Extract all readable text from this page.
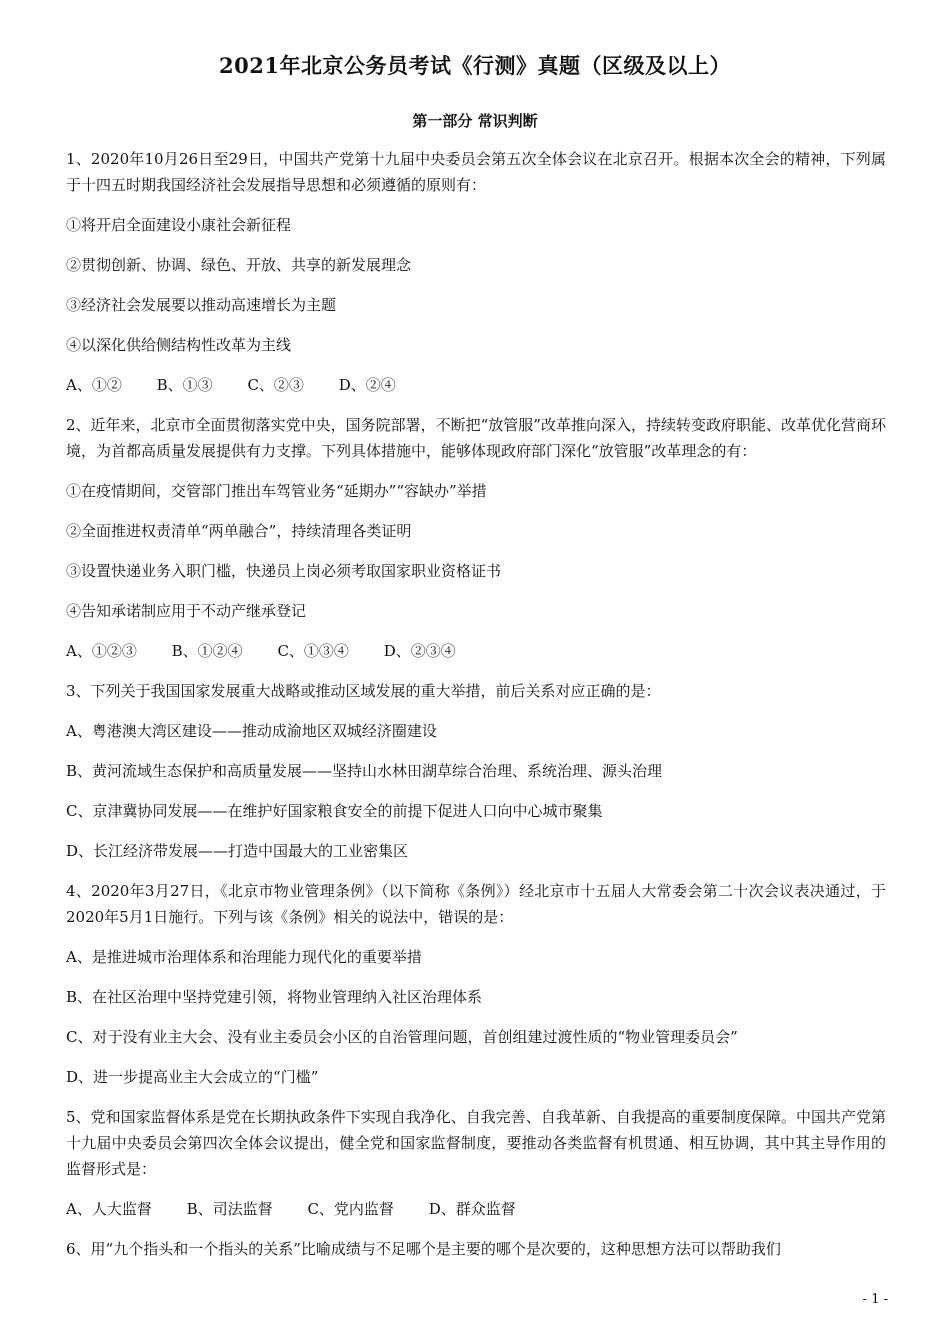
2021年北京公务员考试《行测》真题（区级及以上）
第一部分 常识判断
1、2020年10月26日至29日，中国共产党第十九届中央委员会第五次全体会议在北京召开。根据本次全会的精神，下列属于十四五时期我国经济社会发展指导思想和必须遵循的原则有：
①将开启全面建设小康社会新征程
②贯彻创新、协调、绿色、开放、共享的新发展理念
③经济社会发展要以推动高速增长为主题
④以深化供给侧结构性改革为主线
A、①② B、①③ C、②③ D、②④
2、近年来，北京市全面贯彻落实党中央，国务院部署，不断把“放管服”改革推向深入，持续转变政府职能、改革优化营商环境，为首都高质量发展提供有力支撑。下列具体措施中，能够体现政府部门深化“放管服”改革理念的有：
①在疫情期间，交管部门推出车驾管业务“延期办”“容缺办”举措
②全面推进权责清单“两单融合”，持续清理各类证明
③设置快递业务入职门槛，快递员上岗必须考取国家职业资格证书
④告知承诺制应用于不动产继承登记
A、①②③ B、①②④ C、①③④ D、②③④
3、下列关于我国国家发展重大战略或推动区域发展的重大举措，前后关系对应正确的是：
A、粤港澳大湾区建设——推动成渝地区双城经济圈建设
B、黄河流域生态保护和高质量发展——坚持山水林田湖草综合治理、系统治理、源头治理
C、京津冀协同发展——在维护好国家粮食安全的前提下促进人口向中心城市聚集
D、长江经济带发展——打造中国最大的工业密集区
4、2020年3月27日，《北京市物业管理条例》（以下简称《条例》）经北京市十五届人大常委会第二十次会议表决通过，于2020年5月1日施行。下列与该《条例》相关的说法中，错误的是：
A、是推进城市治理体系和治理能力现代化的重要举措
B、在社区治理中坚持党建引领，将物业管理纳入社区治理体系
C、对于没有业主大会、没有业主委员会小区的自治管理问题，首创组建过渡性质的“物业管理委员会”
D、进一步提高业主大会成立的“门槛”
5、党和国家监督体系是党在长期执政条件下实现自我净化、自我完善、自我革新、自我提高的重要制度保障。中国共产党第十九届中央委员会第四次全体会议提出，健全党和国家监督制度，要推动各类监督有机贯通、相互协调，其中其主导作用的监督形式是：
A、人大监督 B、司法监督 C、党内监督 D、群众监督
6、用“九个指头和一个指头的关系”比喻成绩与不足哪个是主要的哪个是次要的，这种思想方法可以帮助我们
- 1 -
